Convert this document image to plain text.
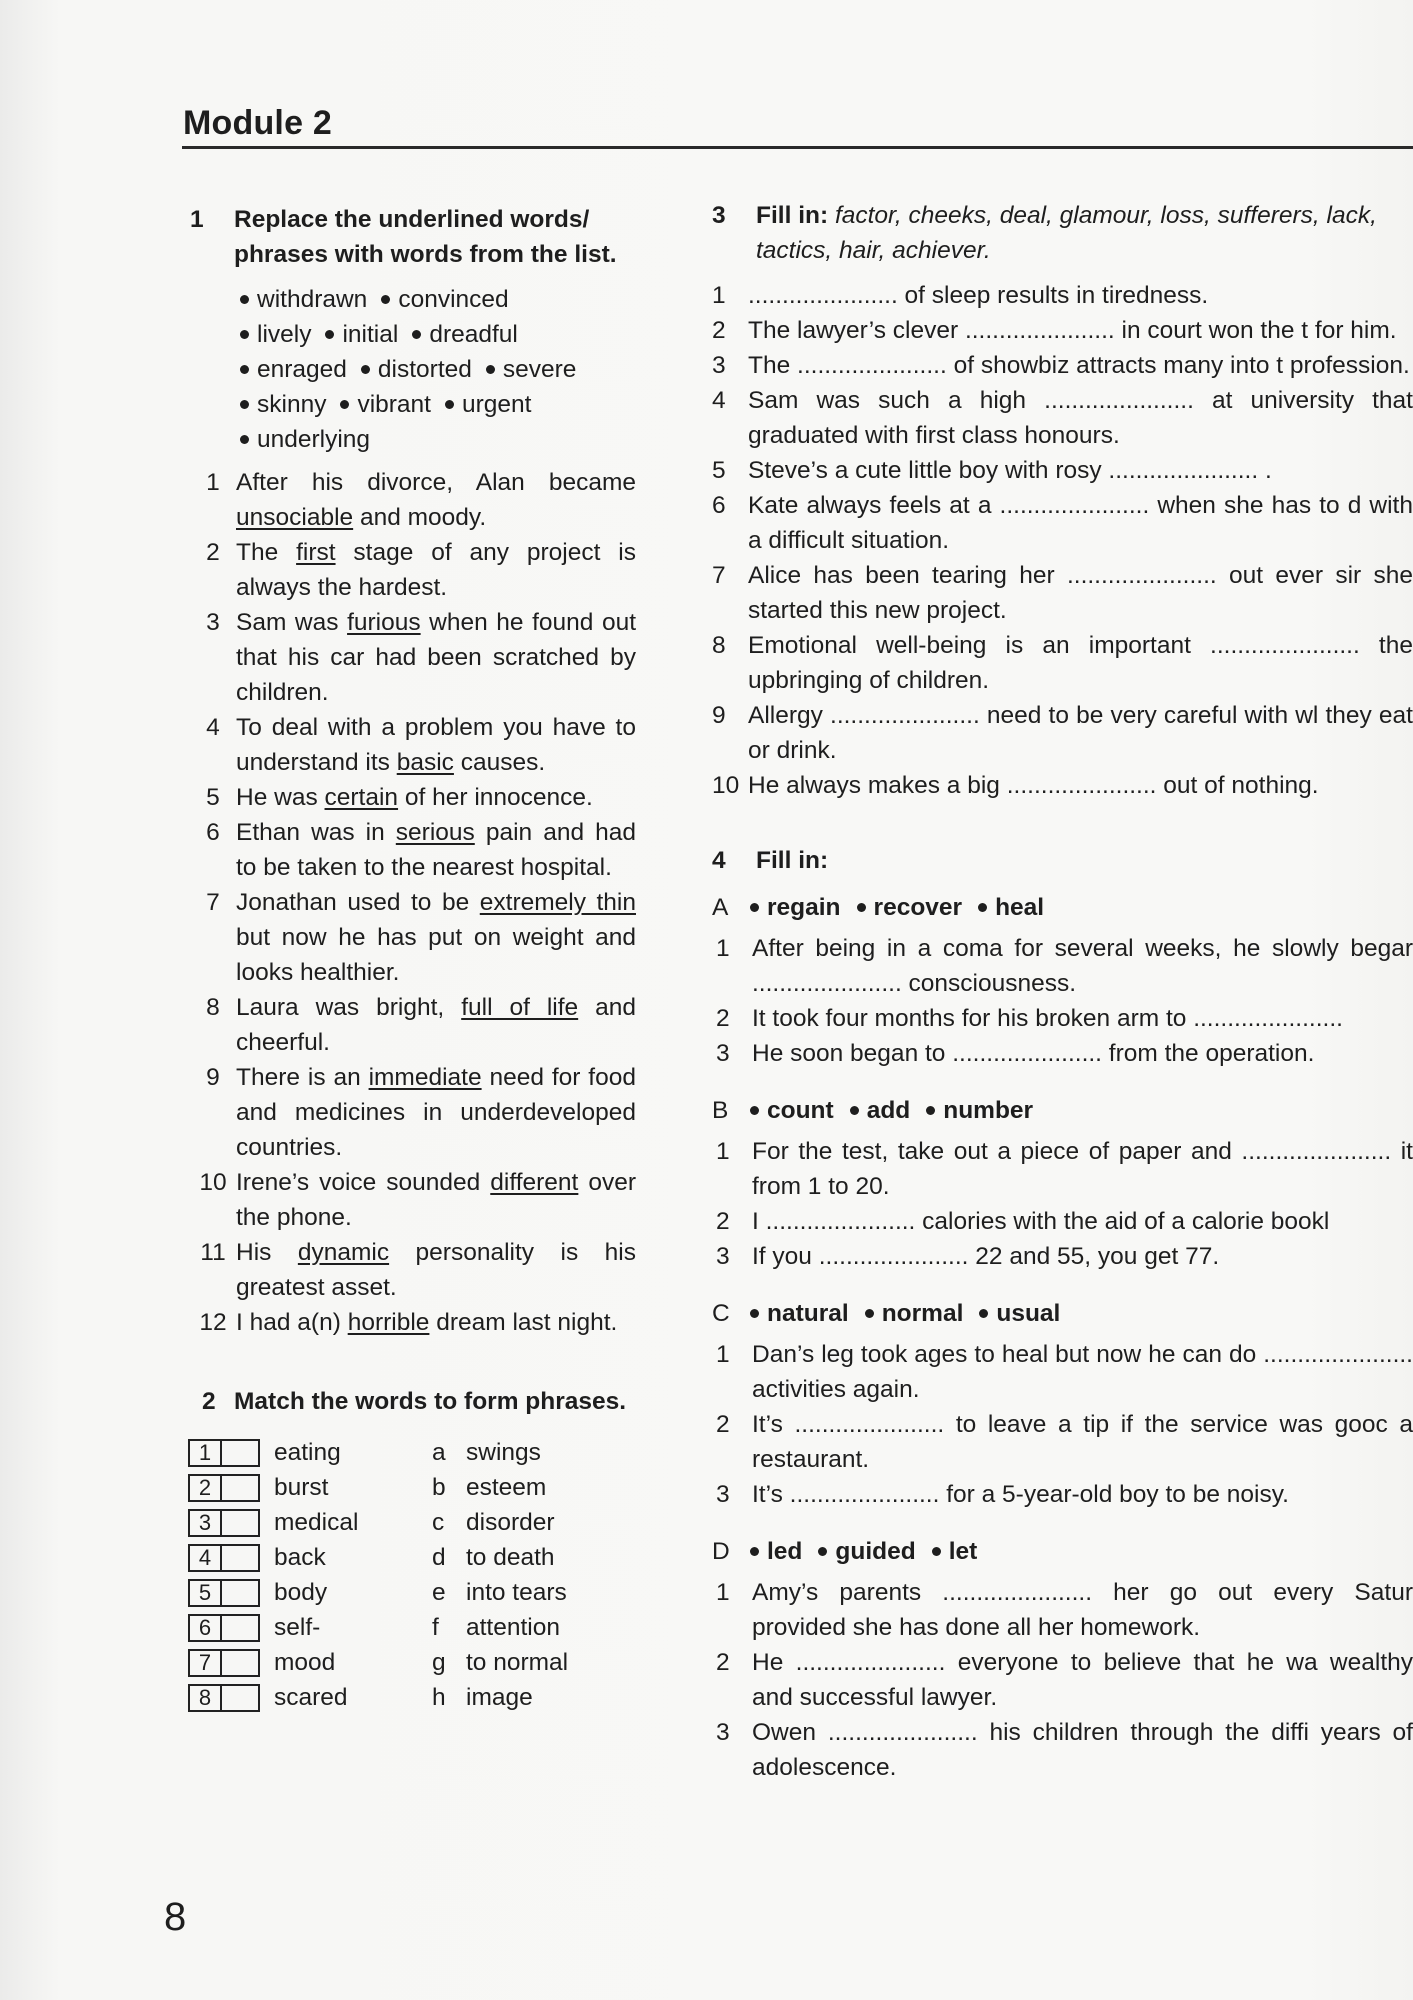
Module 2
1	Replace the underlined words/ phrases with words from the list.
withdrawn convinced
lively initial dreadful
enraged distorted severe
skinny vibrant urgent
underlying
1 After his divorce, Alan became unsociable and moody.
2 The first stage of any project is always the hardest.
3 Sam was furious when he found out that his car had been scratched by children.
4 To deal with a problem you have to understand its basic causes.
5 He was certain of her innocence.
6 Ethan was in serious pain and had to be taken to the nearest hospital.
7 Jonathan used to be extremely thin but now he has put on weight and looks healthier.
8 Laura was bright, full of life and cheerful.
9 There is an immediate need for food and medicines in underdeveloped countries.
10 Irene’s voice sounded different over the phone.
11 His dynamic personality is his greatest asset.
12 I had a(n) horrible dream last night.
2 Match the words to form phrases.
1	eating	a swings
2	burst	b esteem
3	medical	c disorder
4	back	d to death
5	body	e into tears
6	self-	f	attention
7	mood	g to normal
8	scared	h image
3	Fill in: factor, cheeks, deal, glamour, loss, sufferers, lack, tactics, hair, achiever.
1 ...................... of sleep results in tiredness.
2 The lawyer’s clever ...................... in court won the t for him.
3 The ...................... of showbiz attracts many into t profession.
4 Sam was such a high ...................... at university that graduated with first class honours.
5 Steve’s a cute little boy with rosy ...................... .
6 Kate always feels at a ...................... when she has to d with a difficult situation.
7 Alice has been tearing her ...................... out ever sir she started this new project.
8 Emotional well-being is an important ...................... the upbringing of children.
9 Allergy ...................... need to be very careful with wl they eat or drink.
10 He always makes a big ...................... out of nothing.
4	Fill in:
A	regain recover heal
1 After being in a coma for several weeks, he slowly begar ...................... consciousness.
2 It took four months for his broken arm to ......................
3 He soon began to ...................... from the operation.
B	count add number
1 For the test, take out a piece of paper and ...................... it from 1 to 20.
2 I ...................... calories with the aid of a calorie bookl
3 If you ...................... 22 and 55, you get 77.
C	natural normal usual
1 Dan’s leg took ages to heal but now he can do ...................... activities again.
2 It’s ...................... to leave a tip if the service was gooc a restaurant.
3 It’s ...................... for a 5-year-old boy to be noisy.
D	led guided let
1 Amy’s parents ...................... her go out every Satur provided she has done all her homework.
2 He ...................... everyone to believe that he wa wealthy and successful lawyer.
3 Owen ...................... his children through the diffi years of adolescence.
8
